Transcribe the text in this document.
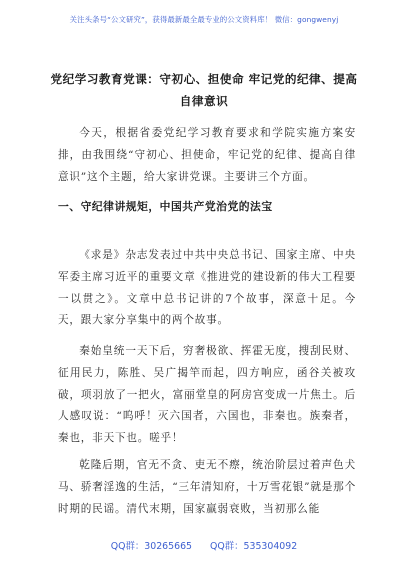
关注头条号“公文研究”，获得最新最全最专业的公文资料库！ 微信：gongwenyj
党纪学习教育党课：守初心、担使命 牢记党的纪律、提高自律意识
今天，根据省委党纪学习教育要求和学院实施方案安排，由我围绕“守初心、担使命，牢记党的纪律、提高自律意识”这个主题，给大家讲党课。主要讲三个方面。
一、守纪律讲规矩，中国共产党治党的法宝
《求是》杂志发表过中共中央总书记、国家主席、中央军委主席习近平的重要文章《推进党的建设新的伟大工程要一以贯之》。文章中总书记讲的7个故事，深意十足。今天，跟大家分享集中的两个故事。
秦始皇统一天下后，穷奢极欲、挥霍无度，搜刮民财、征用民力，陈胜、吴广揭竿而起，四方响应，函谷关被攻破，项羽放了一把火，富丽堂皇的阿房宫变成一片焦土。后人感叹说：“呜呼！灭六国者，六国也，非秦也。族秦者，秦也，非天下也。嗟乎！
乾隆后期，官无不贪、吏无不瘵，统治阶层过着声色犬马、骄奢淫逸的生活，“三年清知府，十万雪花银”就是那个时期的民谣。清代末期，国家羸弱衰败，当初那么能
QQ群：30265665 QQ群：535304092
